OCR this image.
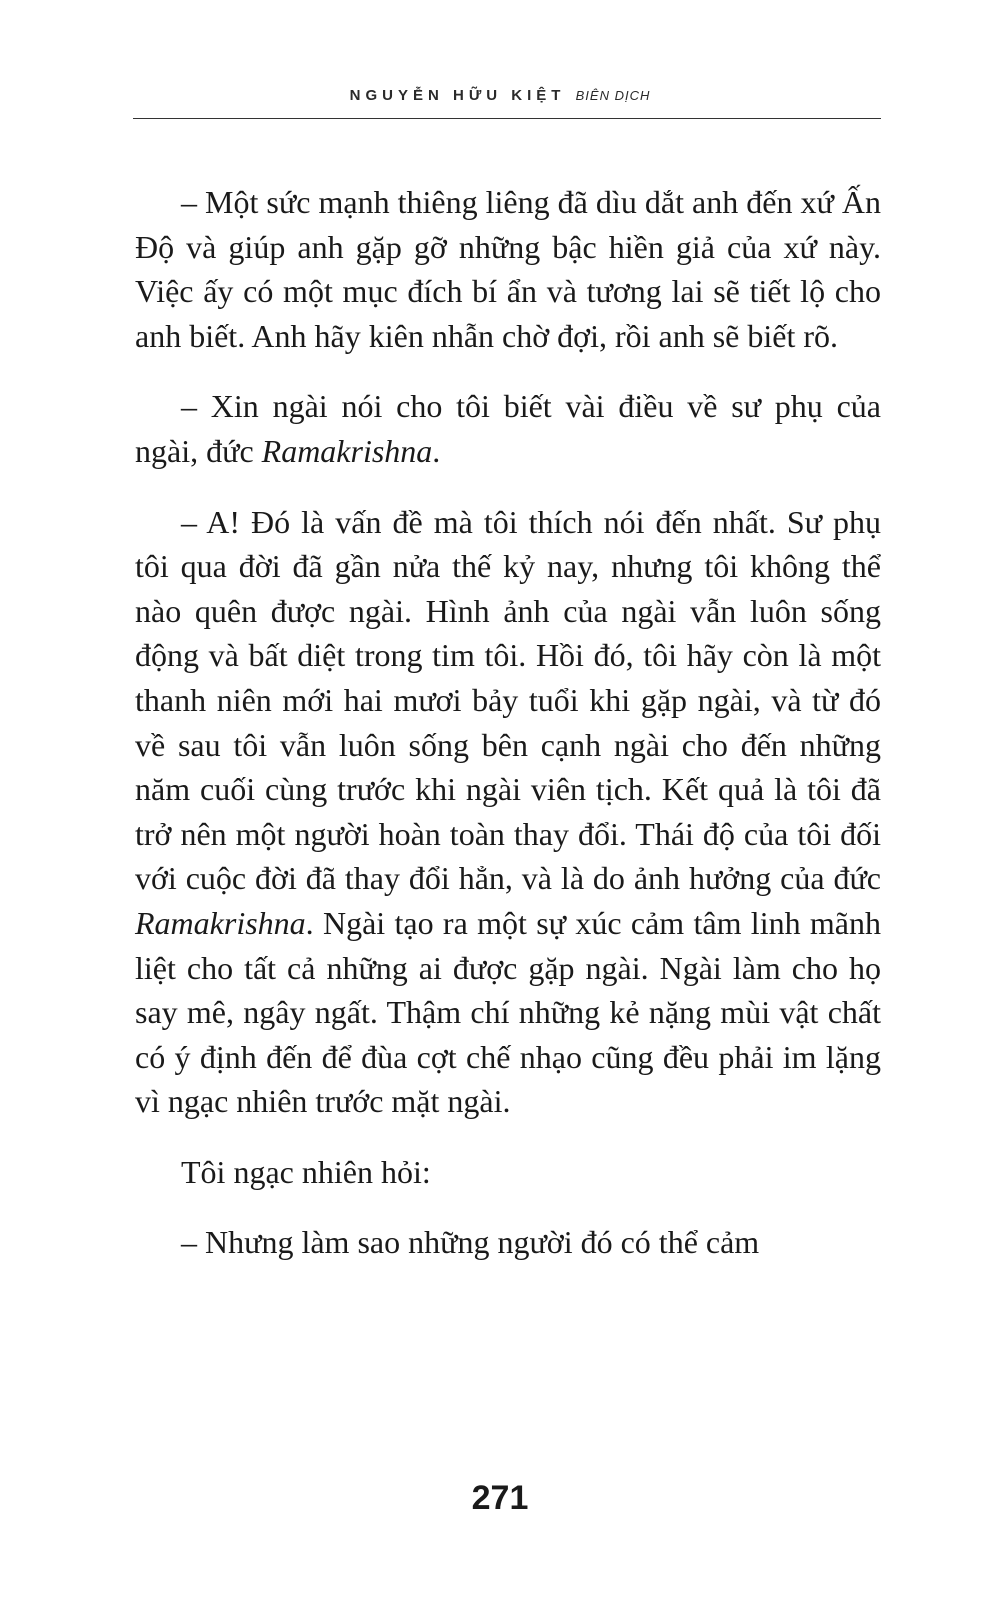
NGUYỄN HỮU KIỆT BIÊN DỊCH

– Một sức mạnh thiêng liêng đã dìu dắt anh đến xứ Ấn Độ và giúp anh gặp gỡ những bậc hiền giả của xứ này. Việc ấy có một mục đích bí ẩn và tương lai sẽ tiết lộ cho anh biết. Anh hãy kiên nhẫn chờ đợi, rồi anh sẽ biết rõ.

– Xin ngài nói cho tôi biết vài điều về sư phụ của ngài, đức Ramakrishna.

– A! Đó là vấn đề mà tôi thích nói đến nhất. Sư phụ tôi qua đời đã gần nửa thế kỷ nay, nhưng tôi không thể nào quên được ngài. Hình ảnh của ngài vẫn luôn sống động và bất diệt trong tim tôi. Hồi đó, tôi hãy còn là một thanh niên mới hai mươi bảy tuổi khi gặp ngài, và từ đó về sau tôi vẫn luôn sống bên cạnh ngài cho đến những năm cuối cùng trước khi ngài viên tịch. Kết quả là tôi đã trở nên một người hoàn toàn thay đổi. Thái độ của tôi đối với cuộc đời đã thay đổi hẳn, và là do ảnh hưởng của đức Ramakrishna. Ngài tạo ra một sự xúc cảm tâm linh mãnh liệt cho tất cả những ai được gặp ngài. Ngài làm cho họ say mê, ngây ngất. Thậm chí những kẻ nặng mùi vật chất có ý định đến để đùa cợt chế nhạo cũng đều phải im lặng vì ngạc nhiên trước mặt ngài.

Tôi ngạc nhiên hỏi:

– Nhưng làm sao những người đó có thể cảm

271
